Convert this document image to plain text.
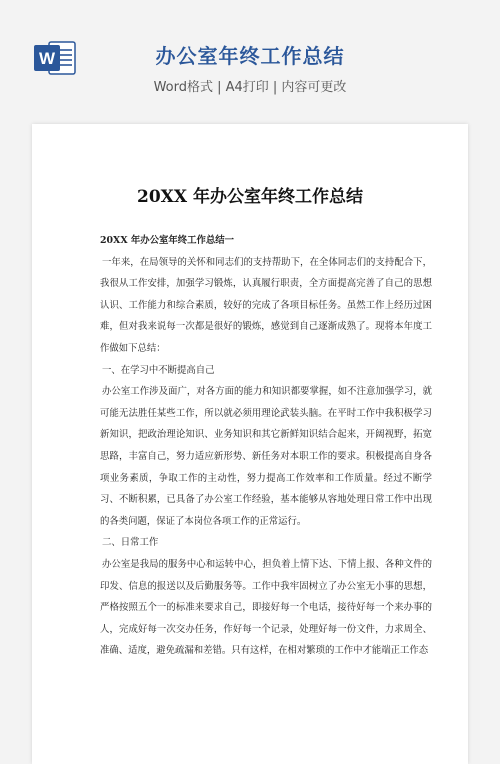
W	办公室年终工作总结
Word格式 | A4打印 | 内容可更改
20XX 年办公室年终工作总结

20XX 年办公室年终工作总结一

一年来，在局领导的关怀和同志们的支持帮助下，在全体同志们的支持配合下，我很从工作安排，加强学习锻炼，认真履行职责，全方面提高完善了自己的思想认识、工作能力和综合素质，较好的完成了各项目标任务。虽然工作上经历过困难，但对我来说每一次都是很好的锻炼，感觉到自己逐渐成熟了。现将本年度工作做如下总结：

一、在学习中不断提高自己

办公室工作涉及面广，对各方面的能力和知识都要掌握，如不注意加强学习，就可能无法胜任某些工作，所以就必须用理论武装头脑。在平时工作中我积极学习新知识，把政治理论知识、业务知识和其它新鲜知识结合起来，开阔视野，拓宽思路，丰富自己，努力适应新形势、新任务对本职工作的要求。积极提高自身各项业务素质，争取工作的主动性，努力提高工作效率和工作质量。经过不断学习、不断积累，已具备了办公室工作经验，基本能够从容地处理日常工作中出现的各类问题，保证了本岗位各项工作的正常运行。

二、日常工作

办公室是我局的服务中心和运转中心，担负着上情下达、下情上报、各种文件的印发、信息的报送以及后勤服务等。工作中我牢固树立了办公室无小事的思想，严格按照五个一的标准来要求自己，即接好每一个电话，接待好每一个来办事的人，完成好每一次交办任务，作好每一个记录，处理好每一份文件，力求周全、准确、适度，避免疏漏和差错。只有这样，在相对繁琐的工作中才能端正工作态
